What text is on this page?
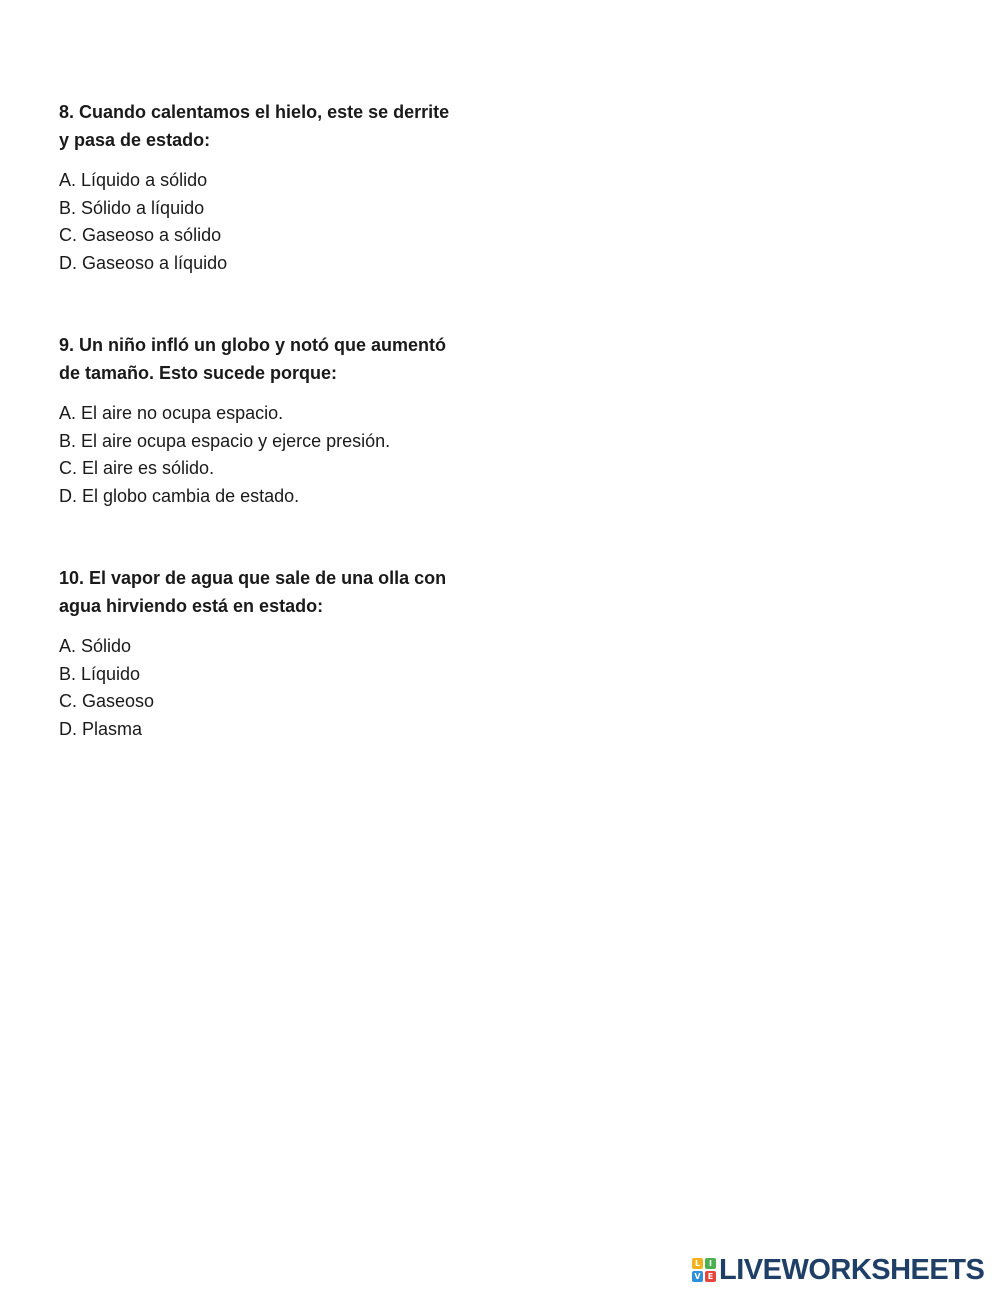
8. Cuando calentamos el hielo, este se derrite
y pasa de estado:

A. Líquido a sólido
B. Sólido a líquido
C. Gaseoso a sólido
D. Gaseoso a líquido

9. Un niño infló un globo y notó que aumentó
de tamaño. Esto sucede porque:

A. El aire no ocupa espacio.
B. El aire ocupa espacio y ejerce presión.
C. El aire es sólido.
D. El globo cambia de estado.

10. El vapor de agua que sale de una olla con
agua hirviendo está en estado:

A. Sólido
B. Líquido
C. Gaseoso
D. Plasma
L	I
V E LIVEWORKSHEETS
